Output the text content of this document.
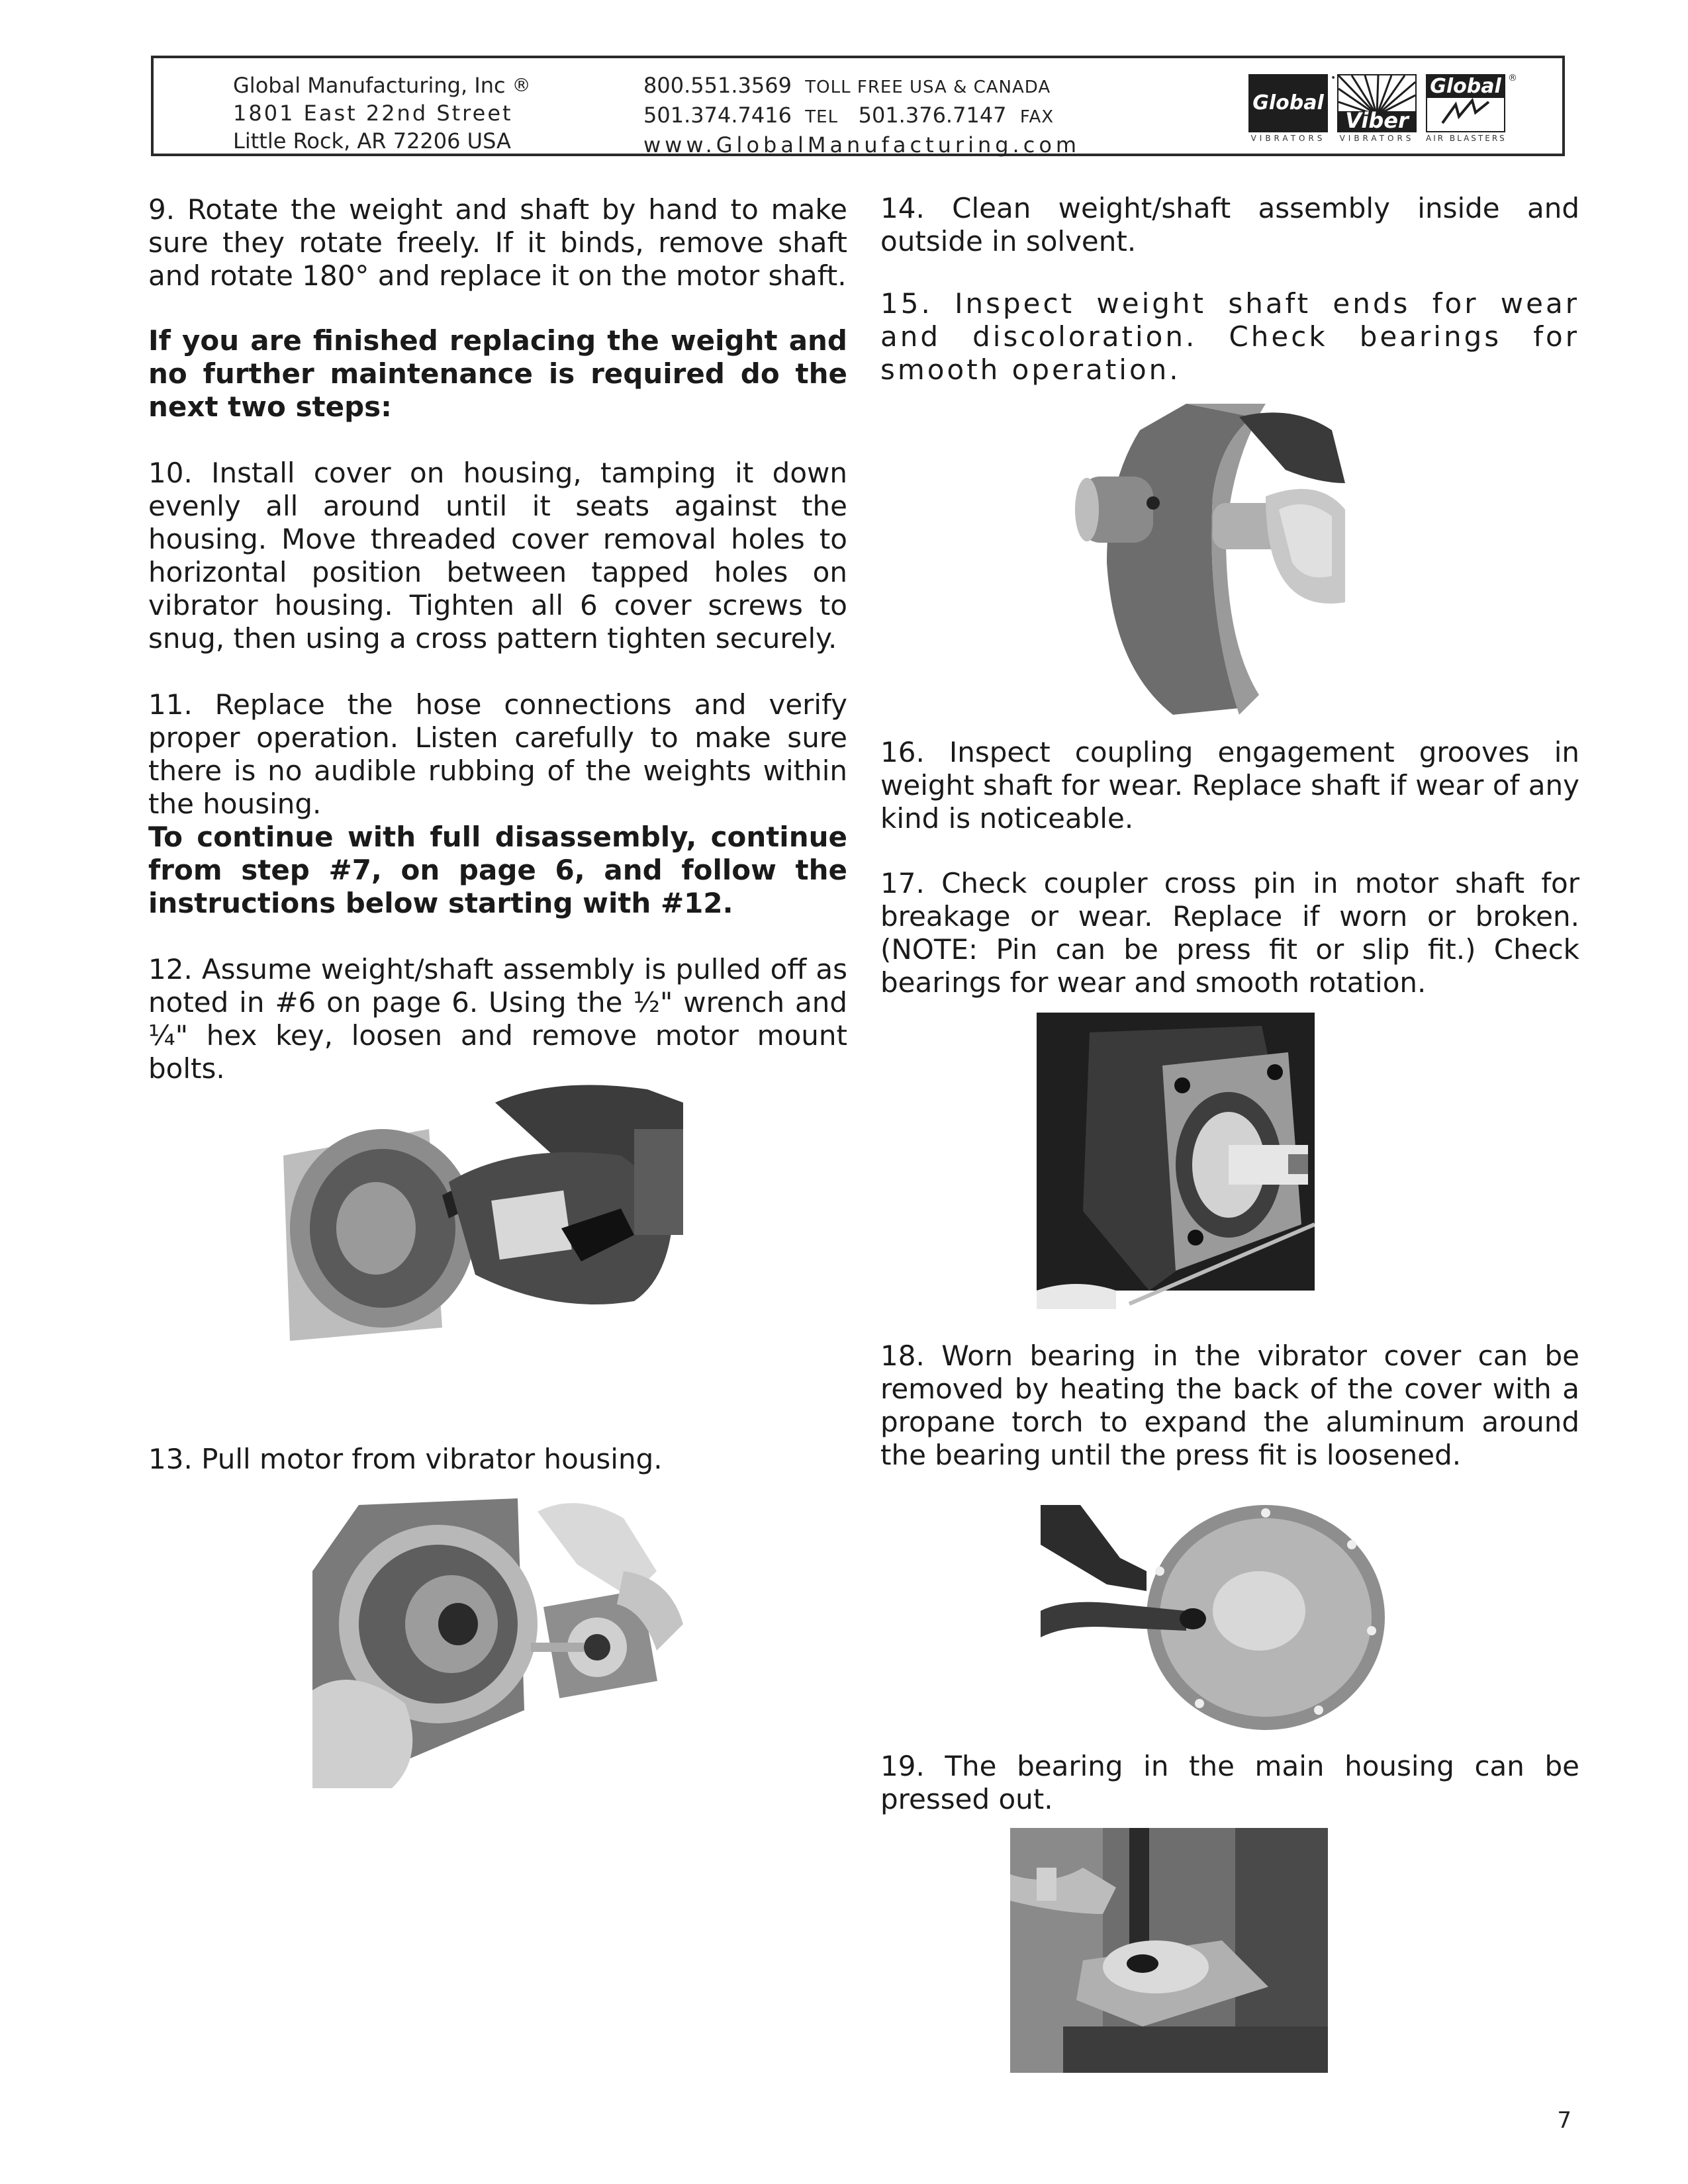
Global Manufacturing, Inc ®
1801 East 22nd Street
Little Rock, AR 72206 USA
800.551.3569 TOLL FREE USA & CANADA
501.374.7416 TEL 501.376.7147 FAX
www.GlobalManufacturing.com
Global
•
VIBRATORS
Viber
VIBRATORS
Global ®
AIR BLASTERS
9. Rotate the weight and shaft by hand to make sure they rotate freely. If it binds, remove shaft and rotate 180° and replace it on the motor shaft.
If you are finished replacing the weight and no further maintenance is required do the next two steps:
10. Install cover on housing, tamping it down evenly all around until it seats against the housing. Move threaded cover removal holes to horizontal position between tapped holes on vibrator housing. Tighten all 6 cover screws to snug, then using a cross pattern tighten securely.
11. Replace the hose connections and verify proper operation. Listen carefully to make sure there is no audible rubbing of the weights within the housing.
To continue with full disassembly, continue from step #7, on page 6, and follow the instructions below starting with #12.
12. Assume weight/shaft assembly is pulled off as noted in #6 on page 6. Using the ½" wrench and ¼" hex key, loosen and remove motor mount bolts.
13. Pull motor from vibrator housing.
14. Clean weight/shaft assembly inside and outside in solvent.
15. Inspect weight shaft ends for wear and discoloration. Check bearings for smooth operation.
16. Inspect coupling engagement grooves in weight shaft for wear. Replace shaft if wear of any kind is noticeable.
17. Check coupler cross pin in motor shaft for breakage or wear. Replace if worn or broken. (NOTE: Pin can be press fit or slip fit.) Check bearings for wear and smooth rotation.
18. Worn bearing in the vibrator cover can be removed by heating the back of the cover with a propane torch to expand the aluminum around the bearing until the press fit is loosened.
19. The bearing in the main housing can be pressed out.
7
